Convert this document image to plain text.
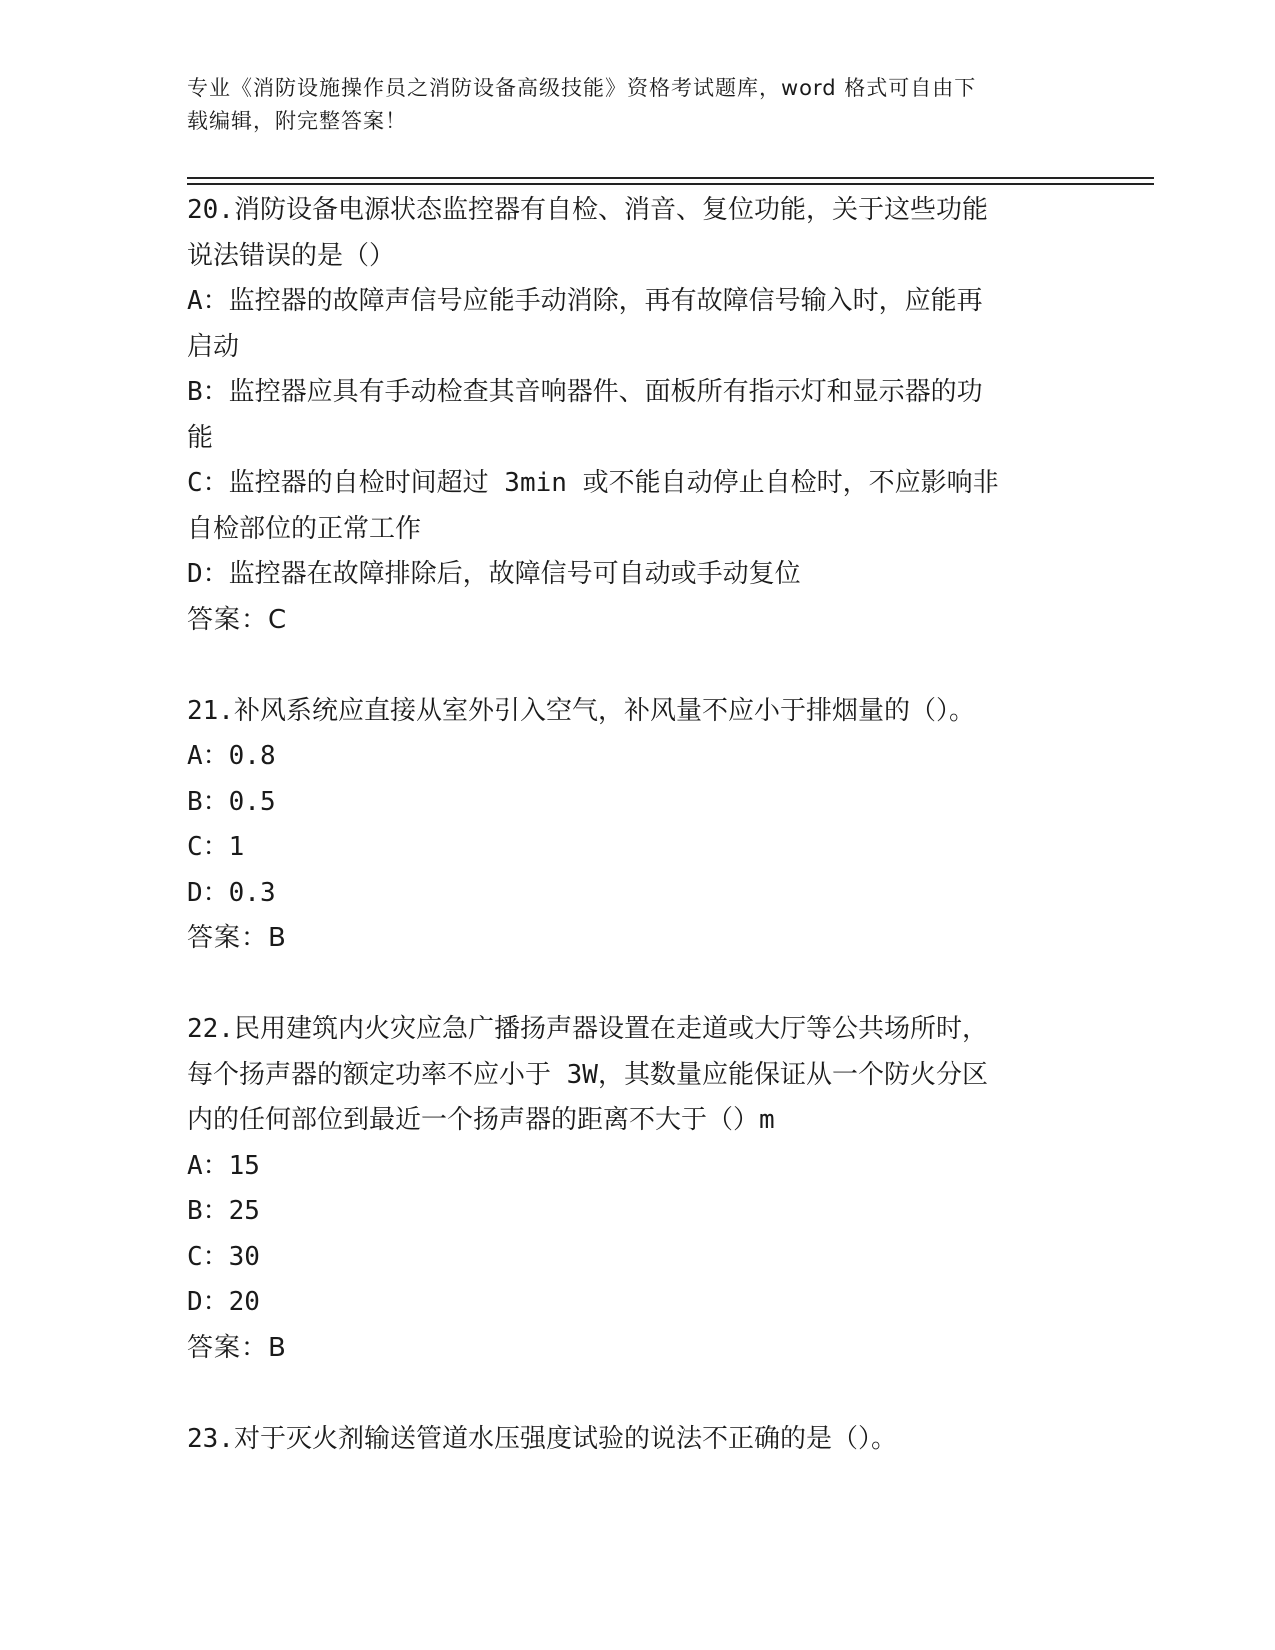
专业《消防设施操作员之消防设备高级技能》资格考试题库，word 格式可自由下
载编辑，附完整答案！
20.消防设备电源状态监控器有自检、消音、复位功能，关于这些功能
说法错误的是（）
A：监控器的故障声信号应能手动消除，再有故障信号输入时，应能再
启动
B：监控器应具有手动检查其音响器件、面板所有指示灯和显示器的功
能
C：监控器的自检时间超过 3min 或不能自动停止自检时，不应影响非
自检部位的正常工作
D：监控器在故障排除后，故障信号可自动或手动复位
答案：C
21.补风系统应直接从室外引入空气，补风量不应小于排烟量的（）。
A：0.8
B：0.5
C：1
D：0.3
答案：B
22.民用建筑内火灾应急广播扬声器设置在走道或大厅等公共场所时，
每个扬声器的额定功率不应小于 3W，其数量应能保证从一个防火分区
内的任何部位到最近一个扬声器的距离不大于（）m
A：15
B：25
C：30
D：20
答案：B
23.对于灭火剂输送管道水压强度试验的说法不正确的是（）。
